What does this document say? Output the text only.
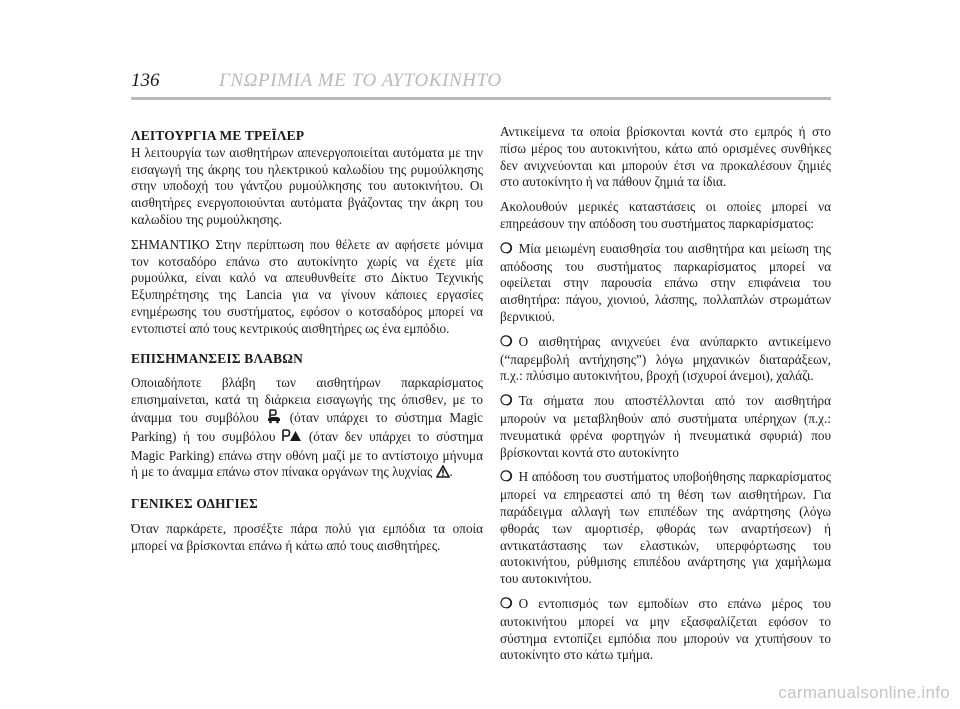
136	ΓΝΩΡΙΜΙΑ ΜΕ ΤΟ ΑΥΤΟΚΙΝΗΤΟ
ΛΕΙΤΟΥΡΓΙΑ ΜΕ ΤΡΕΪΛΕΡ

Η λειτουργία των αισθητήρων απενεργοποιείται αυτόματα με την εισαγωγή της άκρης του ηλεκτρικού καλωδίου της ρυμούλκησης στην υποδοχή του γάντζου ρυμούλκησης του αυτοκινήτου. Οι αισθητήρες ενεργοποιούνται αυτόματα βγάζοντας την άκρη του καλωδίου της ρυμούλκησης.

ΣΗΜΑΝΤΙΚΟ Στην περίπτωση που θέλετε αν αφήσετε μόνιμα τον κοτσαδόρο επάνω στο αυτοκίνητο χωρίς να έχετε μία ρυμούλκα, είναι καλό να απευθυνθείτε στο Δίκτυο Τεχνικής Εξυπηρέτησης της Lancia για να γίνουν κάποιες εργασίες ενημέρωσης του συστήματος, εφόσον ο κοτσαδόρος μπορεί να εντοπιστεί από τους κεντρικούς αισθητήρες ως ένα εμπόδιο.

ΕΠΙΣΗΜΑΝΣΕΙΣ ΒΛΑΒΩΝ

Οποιαδήποτε βλάβη των αισθητήρων παρκαρίσματος επισημαίνεται, κατά τη διάρκεια εισαγωγής της όπισθεν, με το άναμμα του συμβόλου (όταν υπάρχει το σύστημα Magic Parking) ή του συμβόλου	(όταν δεν υπάρχει το σύστημα Magic Parking) επάνω στην οθόνη μαζί με το αντίστοιχο μήνυμα ή με το άναμμα επάνω στον πίνακα οργάνων της λυχνίας .

ΓΕΝΙΚΕΣ ΟΔΗΓΙΕΣ

Όταν παρκάρετε, προσέξτε πάρα πολύ για εμπόδια τα οποία μπορεί να βρίσκονται επάνω ή κάτω από τους αισθητήρες.

Αντικείμενα τα οποία βρίσκονται κοντά στο εμπρός ή στο πίσω μέρος του αυτοκινήτου, κάτω από ορισμένες συνθήκες δεν ανιχνεύονται και μπορούν έτσι να προκαλέσουν ζημιές στο αυτοκίνητο ή να πάθουν ζημιά τα ίδια.

Ακολουθούν μερικές καταστάσεις οι οποίες μπορεί να επηρεάσουν την απόδοση του συστήματος παρκαρίσματος:

❍ Μία μειωμένη ευαισθησία του αισθητήρα και μείωση της απόδοσης του συστήματος παρκαρίσματος μπορεί να οφείλεται στην παρουσία επάνω στην επιφάνεια του αισθητήρα: πάγου, χιονιού, λάσπης, πολλαπλών στρωμάτων βερνικιού.

❍ Ο αισθητήρας ανιχνεύει ένα ανύπαρκτο αντικείμενο (“παρεμβολή αντήχησης”) λόγω μηχανικών διαταράξεων, π.χ.: πλύσιμο αυτοκινήτου, βροχή (ισχυροί άνεμοι), χαλάζι.

❍ Τα σήματα που αποστέλλονται από τον αισθητήρα μπορούν να μεταβληθούν από συστήματα υπέρηχων (π.χ.: πνευματικά φρένα φορτηγών ή πνευματικά σφυριά) που βρίσκονται κοντά στο αυτοκίνητο

❍ Η απόδοση του συστήματος υποβοήθησης παρκαρίσματος μπορεί να επηρεαστεί από τη θέση των αισθητήρων. Για παράδειγμα αλλαγή των επιπέδων της ανάρτησης (λόγω φθοράς των αμορτισέρ, φθοράς των αναρτήσεων) ή αντικατάστασης των ελαστικών, υπερφόρτωσης του αυτοκινήτου, ρύθμισης επιπέδου ανάρτησης για χαμήλωμα του αυτοκινήτου.

❍ Ο εντοπισμός των εμποδίων στο επάνω μέρος του αυτοκινήτου μπορεί να μην εξασφαλίζεται εφόσον το σύστημα εντοπίζει εμπόδια που μπορούν να χτυπήσουν το αυτοκίνητο στο κάτω τμήμα.

carmanualsonline.info
